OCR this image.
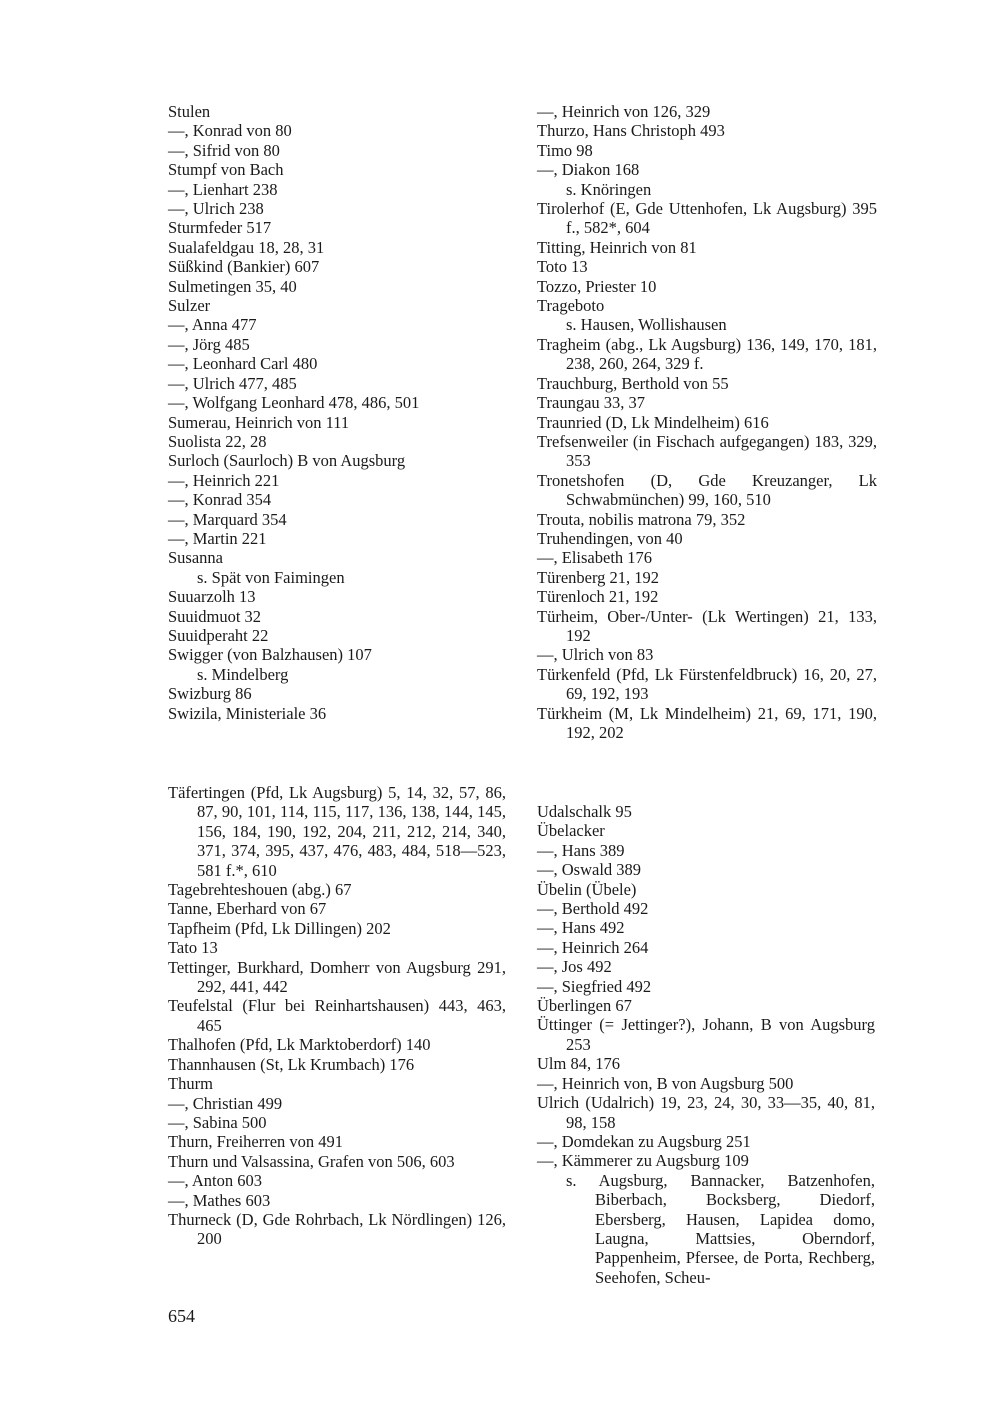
Stulen

—, Konrad von 80

—, Sifrid von 80

Stumpf von Bach

—, Lienhart 238

—, Ulrich 238

Sturmfeder 517

Sualafeldgau 18, 28, 31

Süßkind (Bankier) 607

Sulmetingen 35, 40

Sulzer

—, Anna 477

—, Jörg 485

—, Leonhard Carl 480

—, Ulrich 477, 485

—, Wolfgang Leonhard 478, 486, 501

Sumerau, Heinrich von 111

Suolista 22, 28

Surloch (Saurloch) B von Augsburg

—, Heinrich 221

—, Konrad 354

—, Marquard 354

—, Martin 221

Susanna

s. Spät von Faimingen

Suuarzolh 13

Suuidmuot 32

Suuidperaht 22

Swigger (von Balzhausen) 107

s. Mindelberg

Swizburg 86

Swizila, Ministeriale 36

—, Heinrich von 126, 329

Thurzo, Hans Christoph 493

Timo 98

—, Diakon 168

s. Knöringen

Tirolerhof (E, Gde Uttenhofen, Lk Augsburg) 395 f., 582*, 604

Titting, Heinrich von 81

Toto 13

Tozzo, Priester 10

Trageboto

s. Hausen, Wollishausen

Tragheim (abg., Lk Augsburg) 136, 149, 170, 181, 238, 260, 264, 329 f.

Trauchburg, Berthold von 55

Traungau 33, 37

Traunried (D, Lk Mindelheim) 616

Trefsenweiler (in Fischach aufgegangen) 183, 329, 353

Tronetshofen (D, Gde Kreuzanger, Lk Schwabmünchen) 99, 160, 510

Trouta, nobilis matrona 79, 352

Truhendingen, von 40

—, Elisabeth 176

Türenberg 21, 192

Türenloch 21, 192

Türheim, Ober-/Unter- (Lk Wertingen) 21, 133, 192

—, Ulrich von 83

Türkenfeld (Pfd, Lk Fürstenfeldbruck) 16, 20, 27, 69, 192, 193

Türkheim (M, Lk Mindelheim) 21, 69, 171, 190, 192, 202

Täfertingen (Pfd, Lk Augsburg) 5, 14, 32, 57, 86, 87, 90, 101, 114, 115, 117, 136, 138, 144, 145, 156, 184, 190, 192, 204, 211, 212, 214, 340, 371, 374, 395, 437, 476, 483, 484, 518—523, 581 f.*, 610

Tagebrehteshouen (abg.) 67

Tanne, Eberhard von 67

Tapfheim (Pfd, Lk Dillingen) 202

Tato 13

Tettinger, Burkhard, Domherr von Augsburg 291, 292, 441, 442

Teufelstal (Flur bei Reinhartshausen) 443, 463, 465

Thalhofen (Pfd, Lk Marktoberdorf) 140

Thannhausen (St, Lk Krumbach) 176

Thurm

—, Christian 499

—, Sabina 500

Thurn, Freiherren von 491

Thurn und Valsassina, Grafen von 506, 603

—, Anton 603

—, Mathes 603

Thurneck (D, Gde Rohrbach, Lk Nördlingen) 126, 200

Udalschalk 95

Übelacker

—, Hans 389

—, Oswald 389

Übelin (Übele)

—, Berthold 492

—, Hans 492

—, Heinrich 264

—, Jos 492

—, Siegfried 492

Überlingen 67

Üttinger (= Jettinger?), Johann, B von Augsburg 253

Ulm 84, 176

—, Heinrich von, B von Augsburg 500

Ulrich (Udalrich) 19, 23, 24, 30, 33—35, 40, 81, 98, 158

—, Domdekan zu Augsburg 251

—, Kämmerer zu Augsburg 109

s. Augsburg, Bannacker, Batzenhofen, Biberbach, Bocksberg, Diedorf, Ebersberg, Hausen, Lapidea domo, Laugna, Mattsies, Oberndorf, Pappenheim, Pfersee, de Porta, Rechberg, Seehofen, Scheu-

654
